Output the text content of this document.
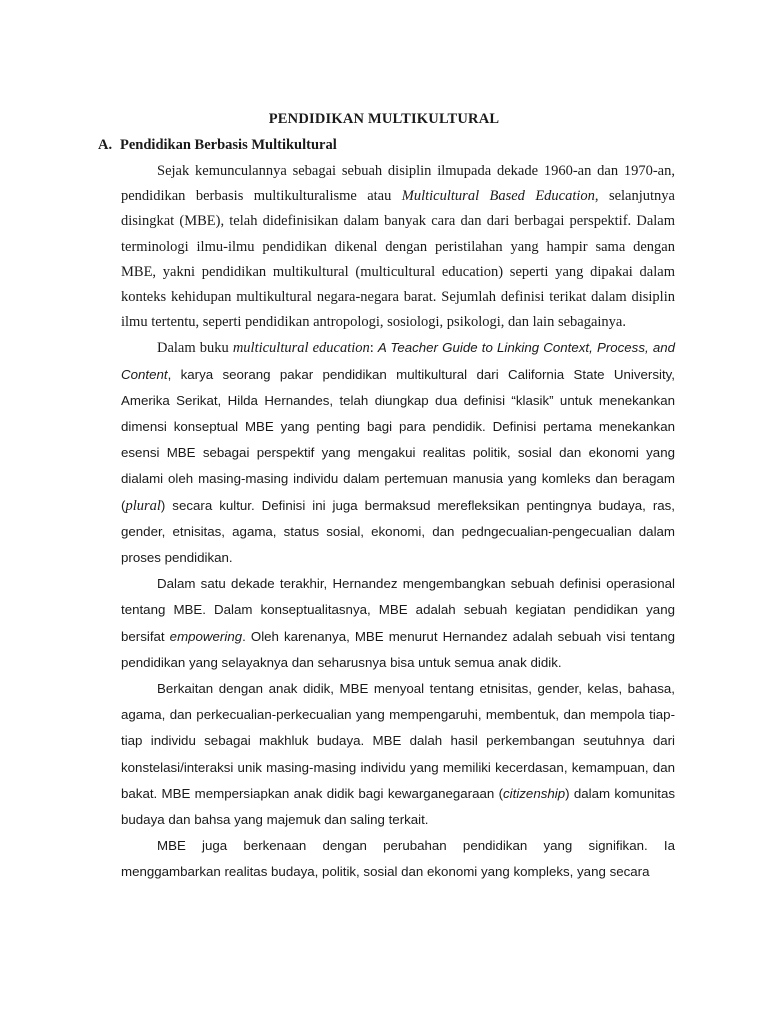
PENDIDIKAN MULTIKULTURAL
A. Pendidikan Berbasis Multikultural

Sejak kemunculannya sebagai sebuah disiplin ilmupada dekade 1960-an dan 1970-an, pendidikan berbasis multikulturalisme atau Multicultural Based Education, selanjutnya disingkat (MBE), telah didefinisikan dalam banyak cara dan dari berbagai perspektif. Dalam terminologi ilmu-ilmu pendidikan dikenal dengan peristilahan yang hampir sama dengan MBE, yakni pendidikan multikultural (multicultural education) seperti yang dipakai dalam konteks kehidupan multikultural negara-negara barat. Sejumlah definisi terikat dalam disiplin ilmu tertentu, seperti pendidikan antropologi, sosiologi, psikologi, dan lain sebagainya.

Dalam buku multicultural education: A Teacher Guide to Linking Context, Process, and Content, karya seorang pakar pendidikan multikultural dari California State University, Amerika Serikat, Hilda Hernandes, telah diungkap dua definisi “klasik” untuk menekankan dimensi konseptual MBE yang penting bagi para pendidik. Definisi pertama menekankan esensi MBE sebagai perspektif yang mengakui realitas politik, sosial dan ekonomi yang dialami oleh masing-masing individu dalam pertemuan manusia yang komleks dan beragam (plural) secara kultur. Definisi ini juga bermaksud merefleksikan pentingnya budaya, ras, gender, etnisitas, agama, status sosial, ekonomi, dan pedngecualian-pengecualian dalam proses pendidikan.

Dalam satu dekade terakhir, Hernandez mengembangkan sebuah definisi operasional tentang MBE. Dalam konseptualitasnya, MBE adalah sebuah kegiatan pendidikan yang bersifat empowering. Oleh karenanya, MBE menurut Hernandez adalah sebuah visi tentang pendidikan yang selayaknya dan seharusnya bisa untuk semua anak didik.

Berkaitan dengan anak didik, MBE menyoal tentang etnisitas, gender, kelas, bahasa, agama, dan perkecualian-perkecualian yang mempengaruhi, membentuk, dan mempola tiap-tiap individu sebagai makhluk budaya. MBE dalah hasil perkembangan seutuhnya dari konstelasi/interaksi unik masing-masing individu yang memiliki kecerdasan, kemampuan, dan bakat. MBE mempersiapkan anak didik bagi kewarganegaraan (citizenship) dalam komunitas budaya dan bahsa yang majemuk dan saling terkait.

MBE juga berkenaan dengan perubahan pendidikan yang signifikan. Ia menggambarkan realitas budaya, politik, sosial dan ekonomi yang kompleks, yang secara
